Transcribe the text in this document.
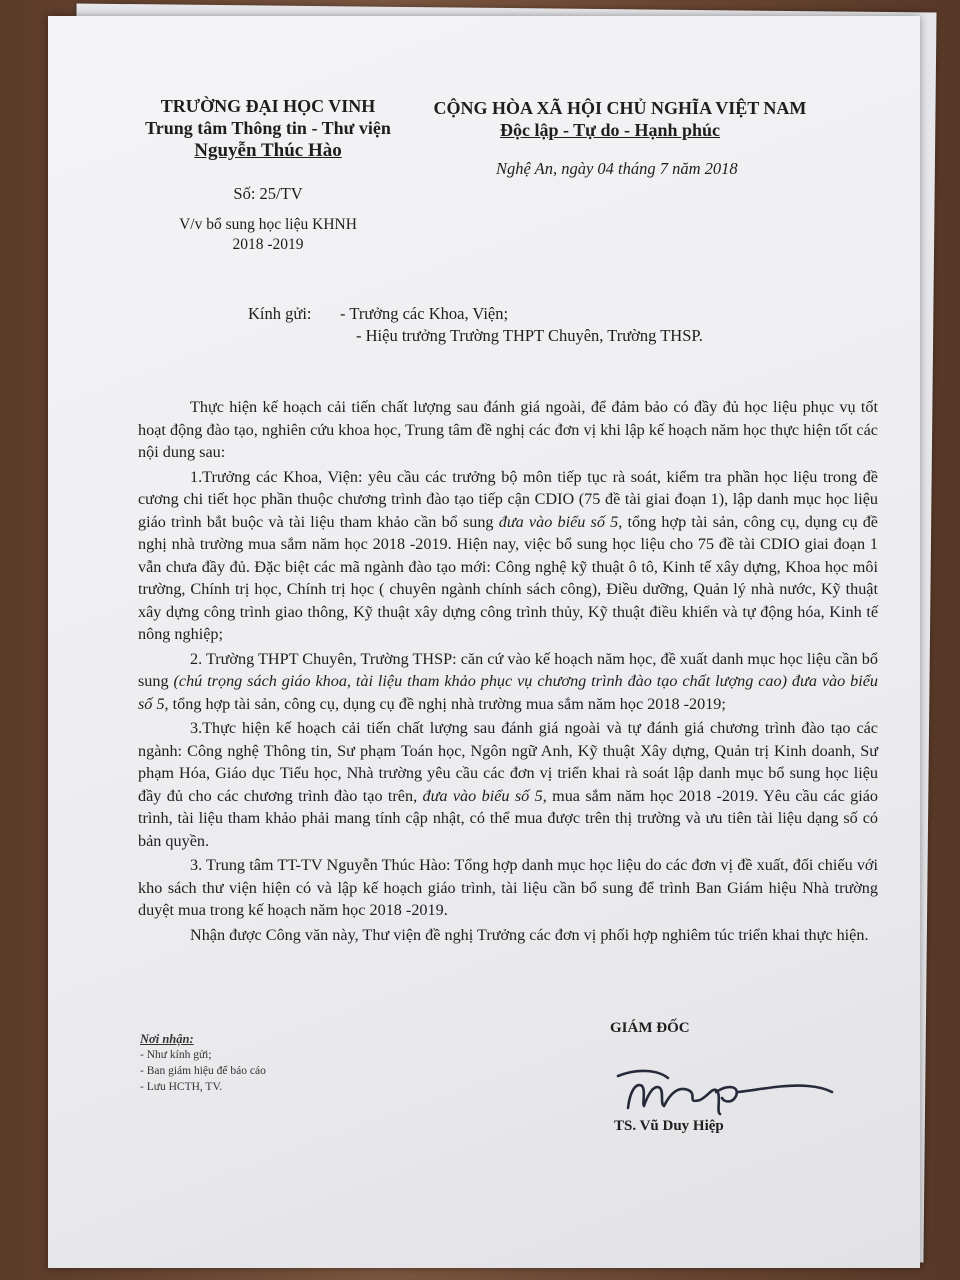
TRƯỜNG ĐẠI HỌC VINH

Trung tâm Thông tin - Thư viện

Nguyễn Thúc Hào

Số: 25/TV

V/v bổ sung học liệu KHNH

2018 -2019

CỘNG HÒA XÃ HỘI CHỦ NGHĨA VIỆT NAM

Độc lập - Tự do - Hạnh phúc

Nghệ An, ngày 04 tháng 7 năm 2018

Kính gửi: - Trưởng các Khoa, Viện;

- Hiệu trưởng Trường THPT Chuyên, Trường THSP.

Thực hiện kế hoạch cải tiến chất lượng sau đánh giá ngoài, để đảm bảo có đầy đủ học liệu phục vụ tốt hoạt động đào tạo, nghiên cứu khoa học, Trung tâm đề nghị các đơn vị khi lập kế hoạch năm học thực hiện tốt các nội dung sau:

1.Trưởng các Khoa, Viện: yêu cầu các trưởng bộ môn tiếp tục rà soát, kiểm tra phần học liệu trong đề cương chi tiết học phần thuộc chương trình đào tạo tiếp cận CDIO (75 đề tài giai đoạn 1), lập danh mục học liệu giáo trình bắt buộc và tài liệu tham khảo cần bổ sung đưa vào biểu số 5, tổng hợp tài sản, công cụ, dụng cụ đề nghị nhà trường mua sắm năm học 2018 -2019. Hiện nay, việc bổ sung học liệu cho 75 đề tài CDIO giai đoạn 1 vẫn chưa đầy đủ. Đặc biệt các mã ngành đào tạo mới: Công nghệ kỹ thuật ô tô, Kinh tế xây dựng, Khoa học môi trường, Chính trị học, Chính trị học ( chuyên ngành chính sách công), Điều dưỡng, Quản lý nhà nước, Kỹ thuật xây dựng công trình giao thông, Kỹ thuật xây dựng công trình thủy, Kỹ thuật điều khiển và tự động hóa, Kinh tế nông nghiệp;

2. Trường THPT Chuyên, Trường THSP: căn cứ vào kế hoạch năm học, đề xuất danh mục học liệu cần bổ sung (chú trọng sách giáo khoa, tài liệu tham khảo phục vụ chương trình đào tạo chất lượng cao) đưa vào biểu số 5, tổng hợp tài sản, công cụ, dụng cụ đề nghị nhà trường mua sắm năm học 2018 -2019;

3.Thực hiện kế hoạch cải tiến chất lượng sau đánh giá ngoài và tự đánh giá chương trình đào tạo các ngành: Công nghệ Thông tin, Sư phạm Toán học, Ngôn ngữ Anh, Kỹ thuật Xây dựng, Quản trị Kinh doanh, Sư phạm Hóa, Giáo dục Tiểu học, Nhà trường yêu cầu các đơn vị triển khai rà soát lập danh mục bổ sung học liệu đầy đủ cho các chương trình đào tạo trên, đưa vào biểu số 5, mua sắm năm học 2018 -2019. Yêu cầu các giáo trình, tài liệu tham khảo phải mang tính cập nhật, có thể mua được trên thị trường và ưu tiên tài liệu dạng số có bản quyền.

3. Trung tâm TT-TV Nguyễn Thúc Hào: Tổng hợp danh mục học liệu do các đơn vị đề xuất, đối chiếu với kho sách thư viện hiện có và lập kế hoạch giáo trình, tài liệu cần bổ sung để trình Ban Giám hiệu Nhà trường duyệt mua trong kế hoạch năm học 2018 -2019.

Nhận được Công văn này, Thư viện đề nghị Trưởng các đơn vị phối hợp nghiêm túc triển khai thực hiện.

Nơi nhận:
- Như kính gửi;
- Ban giám hiệu để báo cáo
- Lưu HCTH, TV.

GIÁM ĐỐC

TS. Vũ Duy Hiệp
